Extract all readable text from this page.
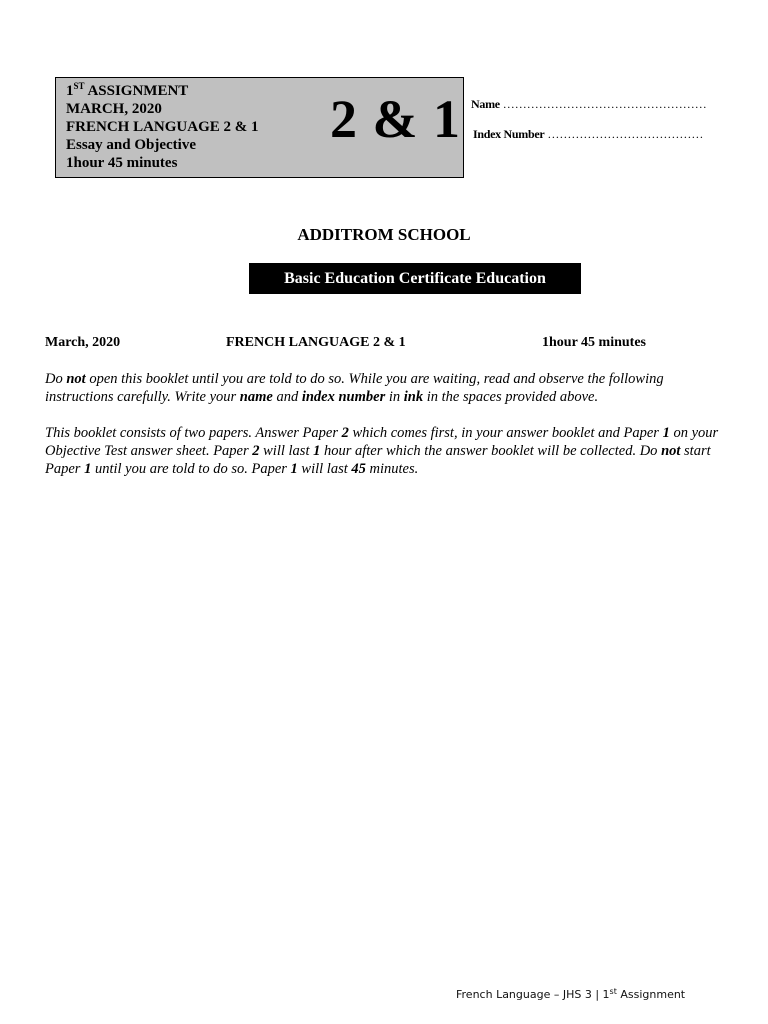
1ST ASSIGNMENT
MARCH, 2020
FRENCH LANGUAGE 2 & 1
Essay and Objective
1hour 45 minutes
2 & 1 Name ……………………………………………
Index Number …………………………………
ADDITROM SCHOOL
Basic Education Certificate Education
March, 2020	FRENCH LANGUAGE 2 & 1	1hour 45 minutes
Do not open this booklet until you are told to do so. While you are waiting, read and observe the following instructions carefully. Write your name and index number in ink in the spaces provided above.
This booklet consists of two papers. Answer Paper 2 which comes first, in your answer booklet and Paper 1 on your Objective Test answer sheet. Paper 2 will last 1 hour after which the answer booklet will be collected. Do not start Paper 1 until you are told to do so. Paper 1 will last 45 minutes.
French Language – JHS 3 | 1st Assignment
